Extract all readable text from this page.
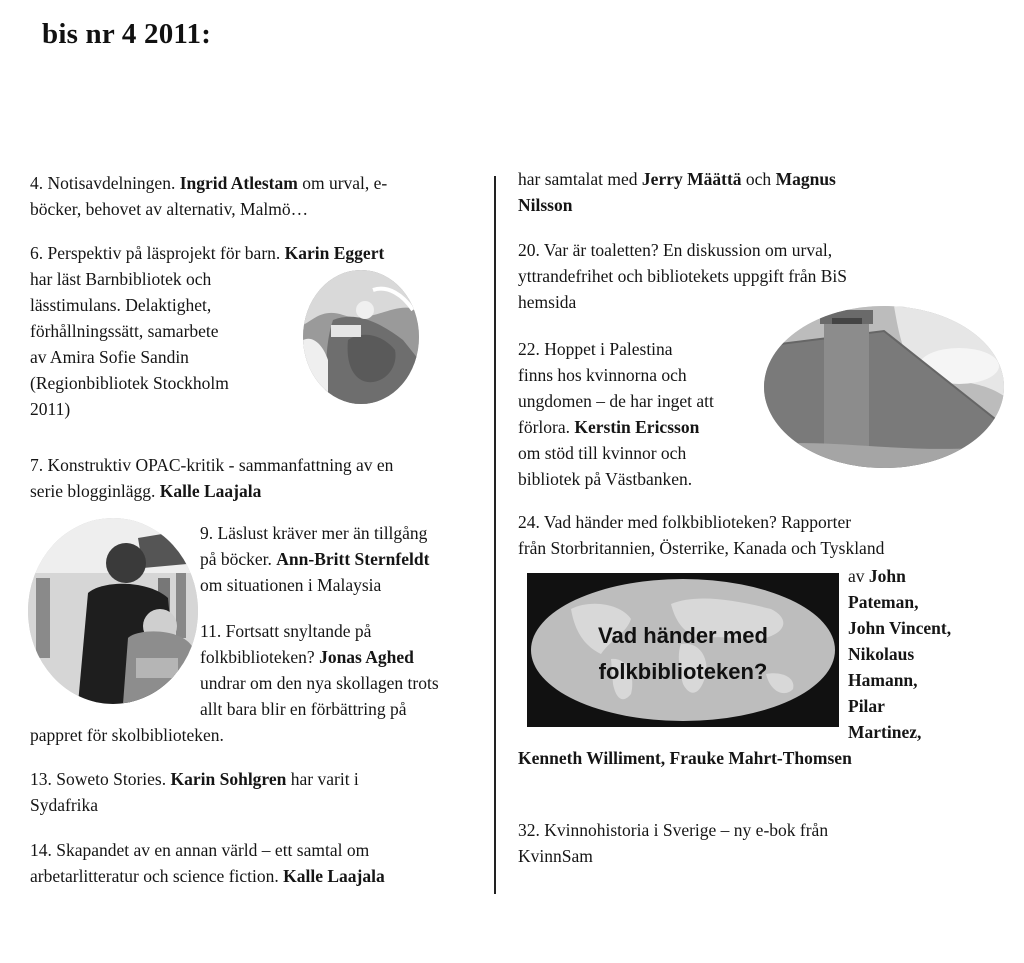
bis nr 4 2011:
4. Notisavdelningen. Ingrid Atlestam om urval, e-
böcker, behovet av alternativ, Malmö…
6. Perspektiv på läsprojekt för barn. Karin Eggert
har läst Barnbibliotek och
lässtimulans. Delaktighet,
förhållningssätt, samarbete
av Amira Sofie Sandin
(Regionbibliotek Stockholm
2011)
7. Konstruktiv OPAC-kritik - sammanfattning av en
serie blogginlägg. Kalle Laajala
9. Läslust kräver mer än tillgång
på böcker. Ann-Britt Sternfeldt
om situationen i Malaysia
11. Fortsatt snyltande på
folkbiblioteken? Jonas Aghed
undrar om den nya skollagen trots
allt bara blir en förbättring på
pappret för skolbiblioteken.
13. Soweto Stories. Karin Sohlgren har varit i
Sydafrika
14. Skapandet av en annan värld – ett samtal om
arbetarlitteratur och science fiction. Kalle Laajala
har samtalat med Jerry Määttä och Magnus
Nilsson
20. Var är toaletten? En diskussion om urval,
yttrandefrihet och bibliotekets uppgift från BiS
hemsida
22. Hoppet i Palestina
finns hos kvinnorna och
ungdomen – de har inget att
förlora. Kerstin Ericsson
om stöd till kvinnor och
bibliotek på Västbanken.
24. Vad händer med folkbiblioteken? Rapporter
från Storbritannien, Österrike, Kanada och Tyskland
Vad händer med
folkbiblioteken?
av John
Pateman,
John Vincent,
Nikolaus
Hamann,
Pilar
Martinez,
Kenneth Williment, Frauke Mahrt-Thomsen
32. Kvinnohistoria i Sverige – ny e-bok från
KvinnSam
